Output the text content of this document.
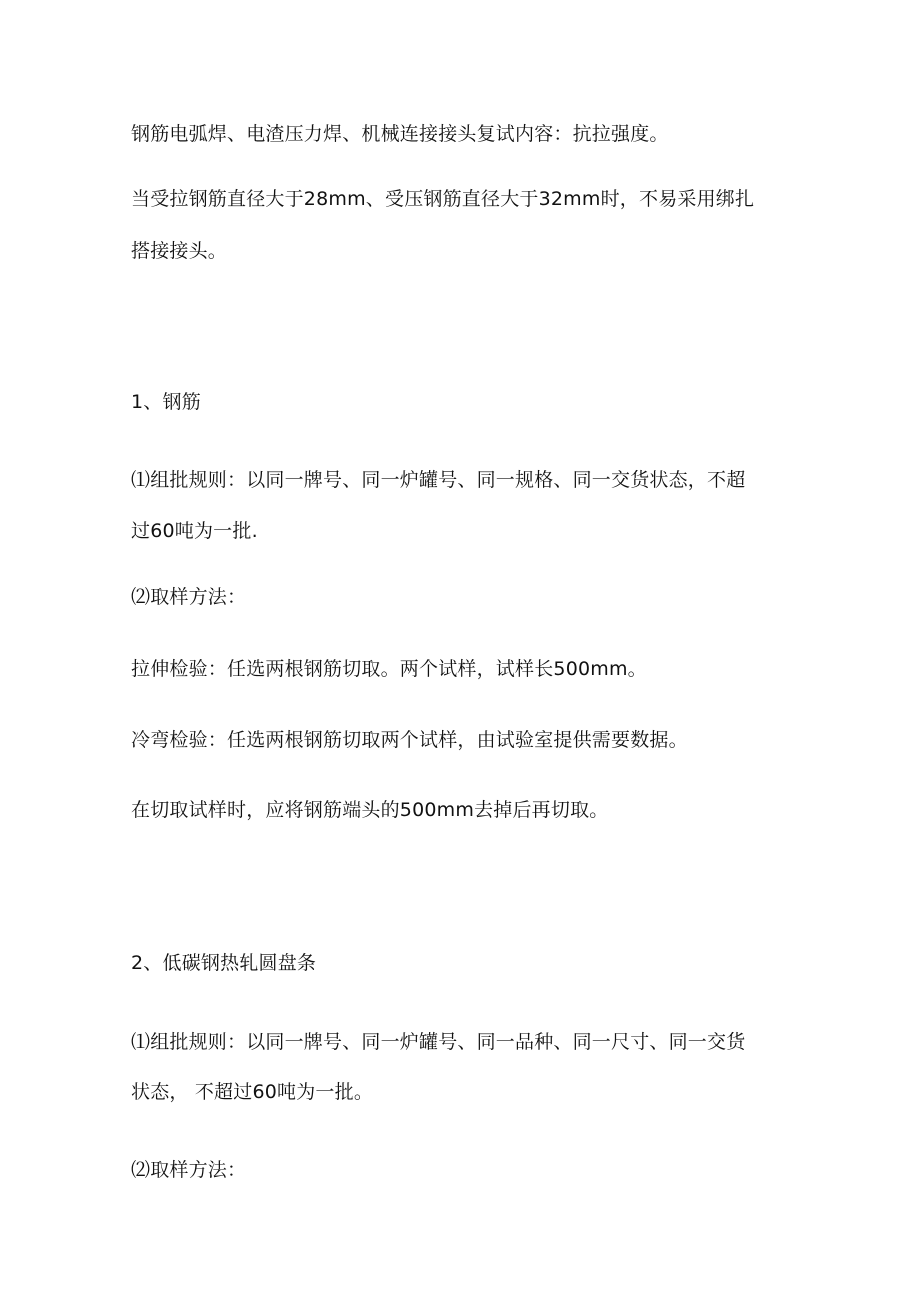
钢筋电弧焊、电渣压力焊、机械连接接头复试内容：抗拉强度。
当受拉钢筋直径大于28mm、受压钢筋直径大于32mm时，不易采用绑扎
搭接接头。
1、钢筋
⑴组批规则：以同一牌号、同一炉罐号、同一规格、同一交货状态，不超
过60吨为一批.
⑵取样方法：
拉伸检验：任选两根钢筋切取。两个试样，试样长500mm。
冷弯检验：任选两根钢筋切取两个试样，由试验室提供需要数据。
在切取试样时，应将钢筋端头的500mm去掉后再切取。
2、低碳钢热轧圆盘条
⑴组批规则：以同一牌号、同一炉罐号、同一品种、同一尺寸、同一交货
状态， 不超过60吨为一批。
⑵取样方法：
